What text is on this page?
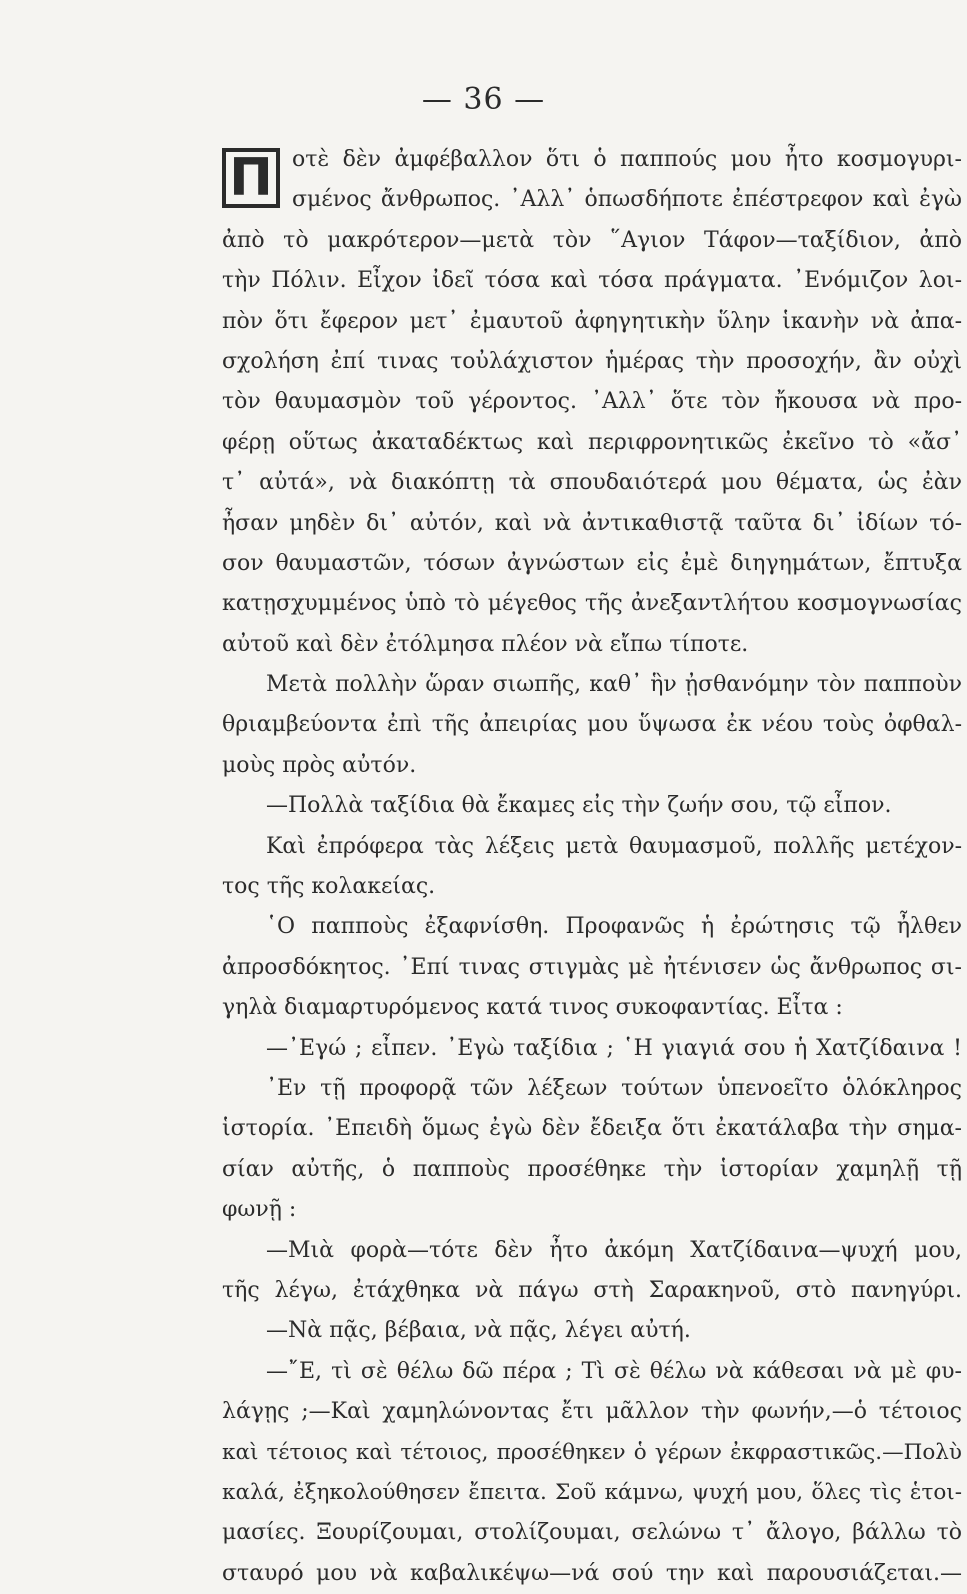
— 36 —
Π οτὲ δὲν ἀμφέβαλλον ὅτι ὁ παππούς μου ἦτο κοσμογυρι-
σμένος ἄνθρωπος. ᾿Αλλ᾿ ὁπωσδήποτε ἐπέστρεφον καὶ ἐγὼ
ἀπὸ τὸ μακρότερον—μετὰ τὸν ῞Αγιον Τάφον—ταξίδιον, ἀπὸ
τὴν Πόλιν. Εἶχον ἰδεῖ τόσα καὶ τόσα πράγματα. ᾿Ενόμιζον λοι-
πὸν ὅτι ἔφερον μετ᾿ ἐμαυτοῦ ἀφηγητικὴν ὕλην ἱκανὴν νὰ ἀπα-
σχολήση ἐπί τινας τοὐλάχιστον ἡμέρας τὴν προσοχήν, ἂν οὐχὶ
τὸν θαυμασμὸν τοῦ γέροντος. ᾿Αλλ᾿ ὅτε τὸν ἤκουσα νὰ προ-
φέρῃ οὕτως ἀκαταδέκτως καὶ περιφρονητικῶς ἐκεῖνο τὸ «ἄσ᾿
τ᾿ αὐτά», νὰ διακόπτῃ τὰ σπουδαιότερά μου θέματα, ὡς ἐὰν
ἦσαν μηδὲν δι᾿ αὐτόν, καὶ νὰ ἀντικαθιστᾷ ταῦτα δι᾿ ἰδίων τό-
σον θαυμαστῶν, τόσων ἀγνώστων εἰς ἐμὲ διηγημάτων, ἔπτυξα
κατῃσχυμμένος ὑπὸ τὸ μέγεθος τῆς ἀνεξαντλήτου κοσμογνωσίας
αὐτοῦ καὶ δὲν ἐτόλμησα πλέον νὰ εἴπω τίποτε.
Μετὰ πολλὴν ὥραν σιωπῆς, καθ᾿ ἣν ᾐσθανόμην τὸν παπποὺν
θριαμβεύοντα ἐπὶ τῆς ἀπειρίας μου ὕψωσα ἐκ νέου τοὺς ὀφθαλ-
μοὺς πρὸς αὐτόν.
—Πολλὰ ταξίδια θὰ ἔκαμες εἰς τὴν ζωήν σου, τῷ εἶπον.
Καὶ ἐπρόφερα τὰς λέξεις μετὰ θαυμασμοῦ, πολλῆς μετέχον-
τος τῆς κολακείας.
῾Ο παπποὺς ἐξαφνίσθη. Προφανῶς ἡ ἐρώτησις τῷ ἦλθεν
ἀπροσδόκητος. ᾿Επί τινας στιγμὰς μὲ ἠτένισεν ὡς ἄνθρωπος σι-
γηλὰ διαμαρτυρόμενος κατά τινος συκοφαντίας. Εἶτα :
—᾿Εγώ ; εἶπεν. ᾿Εγὼ ταξίδια ; ῾Η γιαγιά σου ἡ Χατζίδαινα !
᾿Εν τῇ προφορᾷ τῶν λέξεων τούτων ὑπενοεῖτο ὁλόκληρος
ἱστορία. ᾿Επειδὴ ὅμως ἐγὼ δὲν ἔδειξα ὅτι ἐκατάλαβα τὴν σημα-
σίαν αὐτῆς, ὁ παπποὺς προσέθηκε τὴν ἱστορίαν χαμηλῇ τῇ
φωνῇ :
—Μιὰ φορὰ—τότε δὲν ἦτο ἀκόμη Χατζίδαινα—ψυχή μου,
τῆς λέγω, ἐτάχθηκα νὰ πάγω στὴ Σαρακηνοῦ, στὸ πανηγύρι.
—Νὰ πᾷς, βέβαια, νὰ πᾷς, λέγει αὐτή.
—῎Ε, τὶ σὲ θέλω δῶ πέρα ; Τὶ σὲ θέλω νὰ κάθεσαι νὰ μὲ φυ-
λάγῃς ;—Καὶ χαμηλώνοντας ἔτι μᾶλλον τὴν φωνήν,—ὁ τέτοιος
καὶ τέτοιος καὶ τέτοιος, προσέθηκεν ὁ γέρων ἐκφραστικῶς.—Πολὺ
καλά, ἐξηκολούθησεν ἔπειτα. Σοῦ κάμνω, ψυχή μου, ὅλες τὶς ἑτοι-
μασίες. Ξουρίζουμαι, στολίζουμαι, σελώνω τ᾿ ἄλογο, βάλλω τὸ
σταυρό μου νὰ καβαλικέψω—νά σού την καὶ παρουσιάζεται.—
